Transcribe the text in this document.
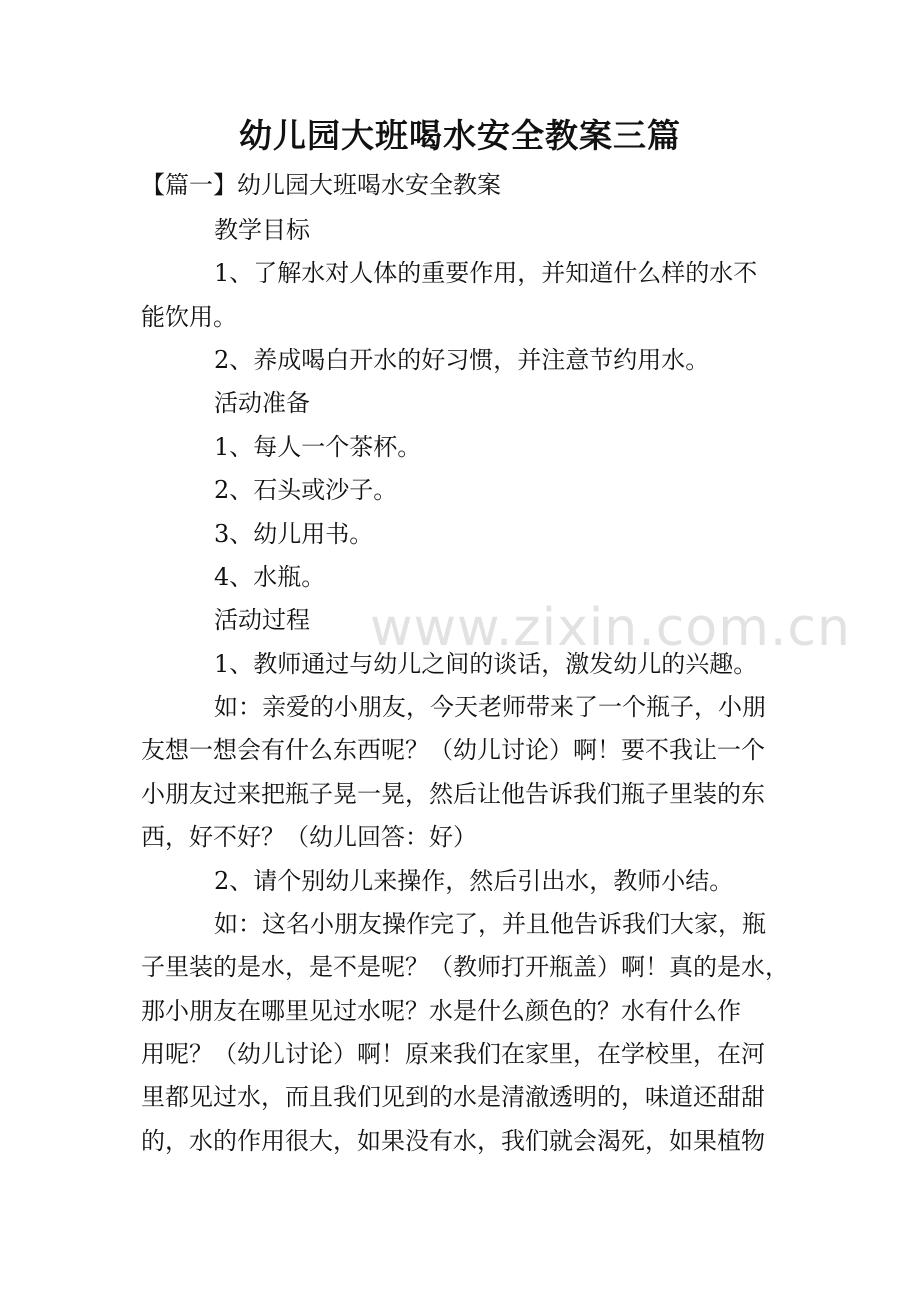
幼儿园大班喝水安全教案三篇
【篇一】幼儿园大班喝水安全教案
教学目标
1、了解水对人体的重要作用，并知道什么样的水不
能饮用。
2、养成喝白开水的好习惯，并注意节约用水。
活动准备
1、每人一个茶杯。
2、石头或沙子。
3、幼儿用书。
4、水瓶。
活动过程
1、教师通过与幼儿之间的谈话，激发幼儿的兴趣。
如：亲爱的小朋友，今天老师带来了一个瓶子，小朋
友想一想会有什么东西呢？（幼儿讨论）啊！要不我让一个
小朋友过来把瓶子晃一晃，然后让他告诉我们瓶子里装的东
西，好不好？（幼儿回答：好）
2、请个别幼儿来操作，然后引出水，教师小结。
如：这名小朋友操作完了，并且他告诉我们大家，瓶
子里装的是水，是不是呢？（教师打开瓶盖）啊！真的是水，
那小朋友在哪里见过水呢？水是什么颜色的？水有什么作
用呢？（幼儿讨论）啊！原来我们在家里，在学校里，在河
里都见过水，而且我们见到的水是清澈透明的，味道还甜甜
的，水的作用很大，如果没有水，我们就会渴死，如果植物
www.zixin.com.cn
